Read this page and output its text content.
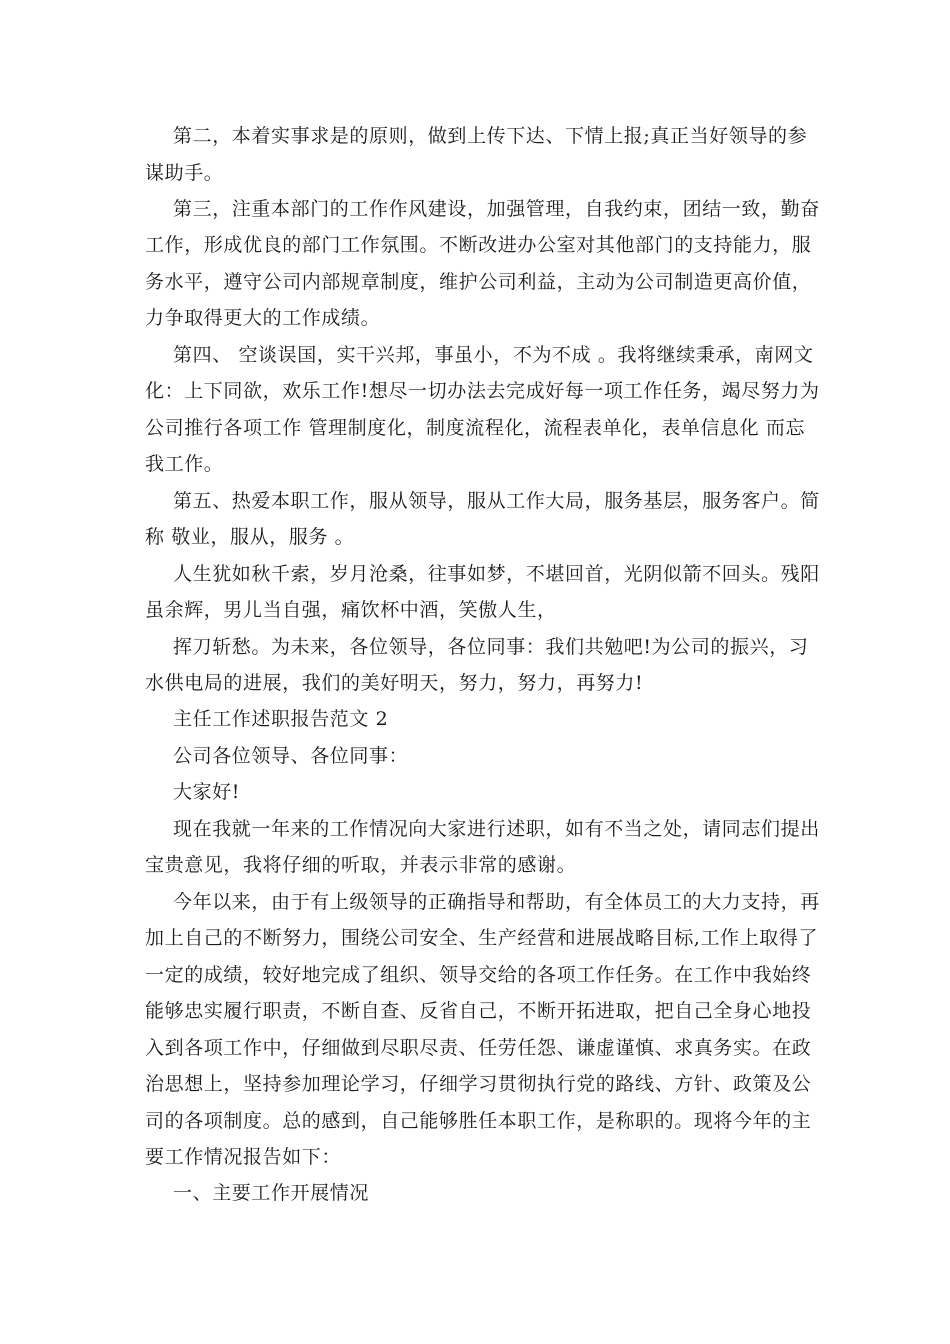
第二，本着实事求是的原则，做到上传下达、下情上报;真正当好领导的参
谋助手。
第三，注重本部门的工作作风建设，加强管理，自我约束，团结一致，勤奋
工作，形成优良的部门工作氛围。不断改进办公室对其他部门的支持能力，服
务水平，遵守公司内部规章制度，维护公司利益，主动为公司制造更高价值，
力争取得更大的工作成绩。
第四、 空谈误国，实干兴邦，事虽小，不为不成 。我将继续秉承，南网文
化：上下同欲，欢乐工作!想尽一切办法去完成好每一项工作任务，竭尽努力为
公司推行各项工作 管理制度化，制度流程化，流程表单化，表单信息化 而忘
我工作。
第五、热爱本职工作，服从领导，服从工作大局，服务基层，服务客户。简
称 敬业，服从，服务 。
人生犹如秋千索，岁月沧桑，往事如梦，不堪回首，光阴似箭不回头。残阳
虽余辉，男儿当自强，痛饮杯中酒，笑傲人生，
挥刀斩愁。为未来，各位领导，各位同事：我们共勉吧!为公司的振兴，习
水供电局的进展，我们的美好明天，努力，努力，再努力!
主任工作述职报告范文 2
公司各位领导、各位同事：
大家好!
现在我就一年来的工作情况向大家进行述职，如有不当之处，请同志们提出
宝贵意见，我将仔细的听取，并表示非常的感谢。
今年以来，由于有上级领导的正确指导和帮助，有全体员工的大力支持，再
加上自己的不断努力，围绕公司安全、生产经营和进展战略目标,工作上取得了
一定的成绩，较好地完成了组织、领导交给的各项工作任务。在工作中我始终
能够忠实履行职责，不断自查、反省自己，不断开拓进取，把自己全身心地投
入到各项工作中，仔细做到尽职尽责、任劳任怨、谦虚谨慎、求真务实。在政
治思想上，坚持参加理论学习，仔细学习贯彻执行党的路线、方针、政策及公
司的各项制度。总的感到，自己能够胜任本职工作，是称职的。现将今年的主
要工作情况报告如下：
一、主要工作开展情况
